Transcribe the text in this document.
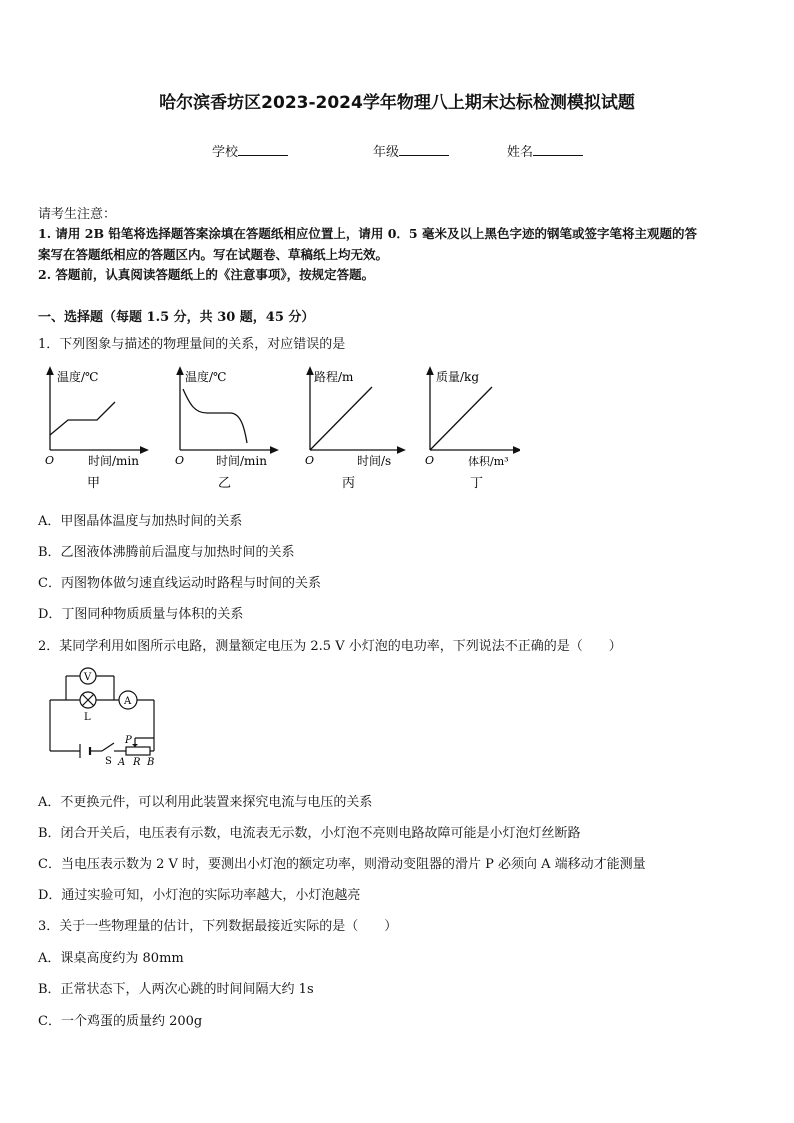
哈尔滨香坊区2023-2024学年物理八上期末达标检测模拟试题
学校	年级	姓名
请考生注意：
1. 请用 2B 铅笔将选择题答案涂填在答题纸相应位置上，请用 0．5 毫米及以上黑色字迹的钢笔或签字笔将主观题的答
案写在答题纸相应的答题区内。写在试题卷、草稿纸上均无效。
2. 答题前，认真阅读答题纸上的《注意事项》，按规定答题。
一、选择题（每题 1.5 分，共 30 题，45 分）
1．下列图象与描述的物理量间的关系，对应错误的是
温度/℃
O	时间/min
甲
温度/℃
O	时间/min
乙
路程/m
O	时间/s
丙
质量/kg
O	体积/m³
丁
A．甲图晶体温度与加热时间的关系
B．乙图液体沸腾前后温度与加热时间的关系
C．丙图物体做匀速直线运动时路程与时间的关系
D．丁图同种物质质量与体积的关系
2．某同学利用如图所示电路，测量额定电压为 2.5 V 小灯泡的电功率，下列说法不正确的是（　　）
V
L
A
S
P
A R B
A．不更换元件，可以利用此装置来探究电流与电压的关系
B．闭合开关后，电压表有示数，电流表无示数，小灯泡不亮则电路故障可能是小灯泡灯丝断路
C．当电压表示数为 2 V 时，要测出小灯泡的额定功率，则滑动变阻器的滑片 P 必须向 A 端移动才能测量
D．通过实验可知，小灯泡的实际功率越大，小灯泡越亮
3．关于一些物理量的估计，下列数据最接近实际的是（　　）
A．课桌高度约为 80mm
B．正常状态下，人两次心跳的时间间隔大约 1s
C．一个鸡蛋的质量约 200g
